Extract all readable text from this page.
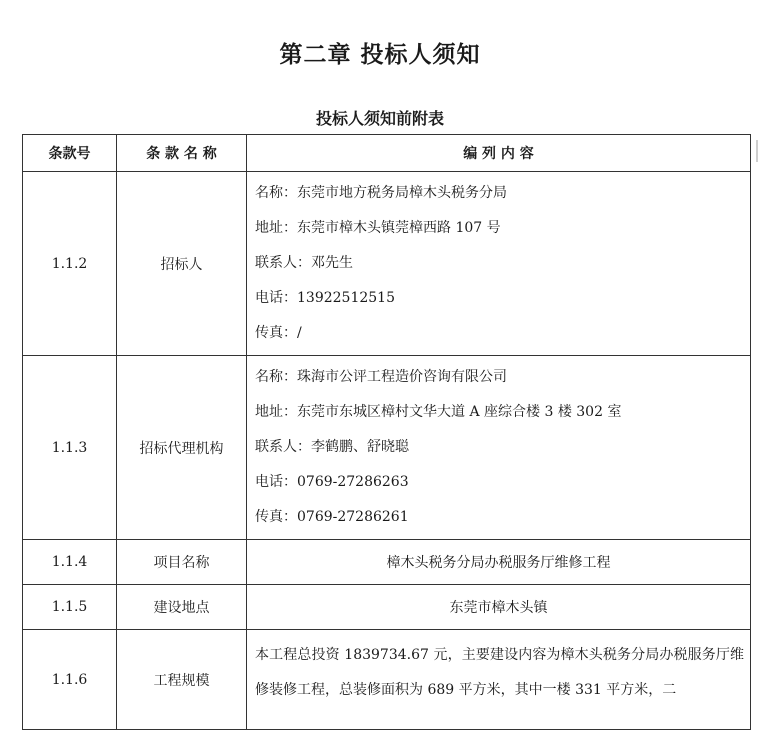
第二章 投标人须知
投标人须知前附表
条款号	条 款 名 称	编 列 内 容
1.1.2	招标人	名称：东莞市地方税务局樟木头税务分局
地址：东莞市樟木头镇莞樟西路 107 号
联系人：邓先生
电话：13922512515
传真：/

1.1.3	招标代理机构	名称：珠海市公评工程造价咨询有限公司
地址：东莞市东城区樟村文华大道 A 座综合楼 3 楼 302 室
联系人：李鹤鹏、舒晓聪
电话：0769-27286263
传真：0769-27286261

1.1.4	项目名称	樟木头税务分局办税服务厅维修工程
1.1.5	建设地点	东莞市樟木头镇
1.1.6	工程规模	本工程总投资 1839734.67 元，主要建设内容为樟木头税务分局办税服务厅维修装修工程，总装修面积为 689 平方米，其中一楼 331 平方米，二
